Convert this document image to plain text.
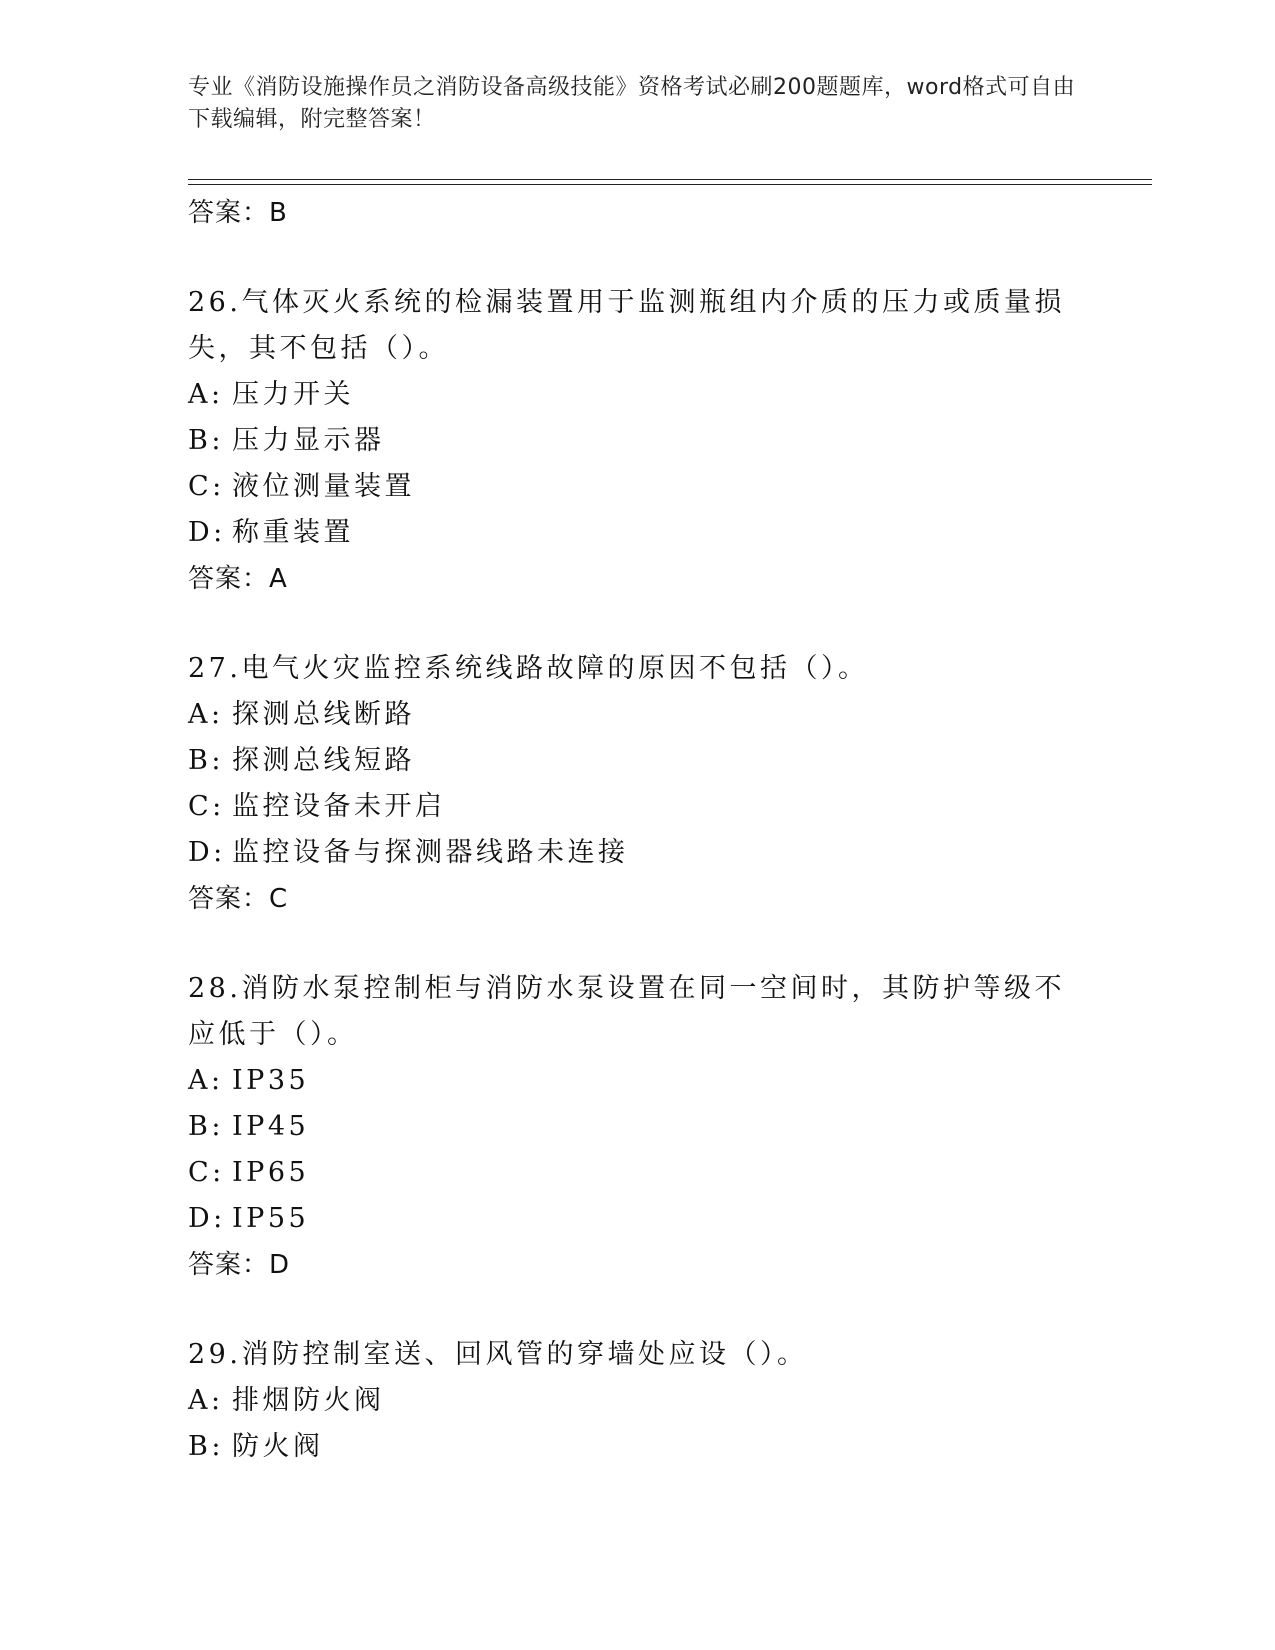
专业《消防设施操作员之消防设备高级技能》资格考试必刷200题题库，word格式可自由下载编辑，附完整答案！
答案：B
26.气体灭火系统的检漏装置用于监测瓶组内介质的压力或质量损失，其不包括（）。
A: 压力开关
B: 压力显示器
C: 液位测量装置
D: 称重装置
答案：A
27.电气火灾监控系统线路故障的原因不包括（）。
A: 探测总线断路
B: 探测总线短路
C: 监控设备未开启
D: 监控设备与探测器线路未连接
答案：C
28.消防水泵控制柜与消防水泵设置在同一空间时，其防护等级不应低于（）。
A: IP35
B: IP45
C: IP65
D: IP55
答案：D
29.消防控制室送、回风管的穿墙处应设（）。
A: 排烟防火阀
B: 防火阀
